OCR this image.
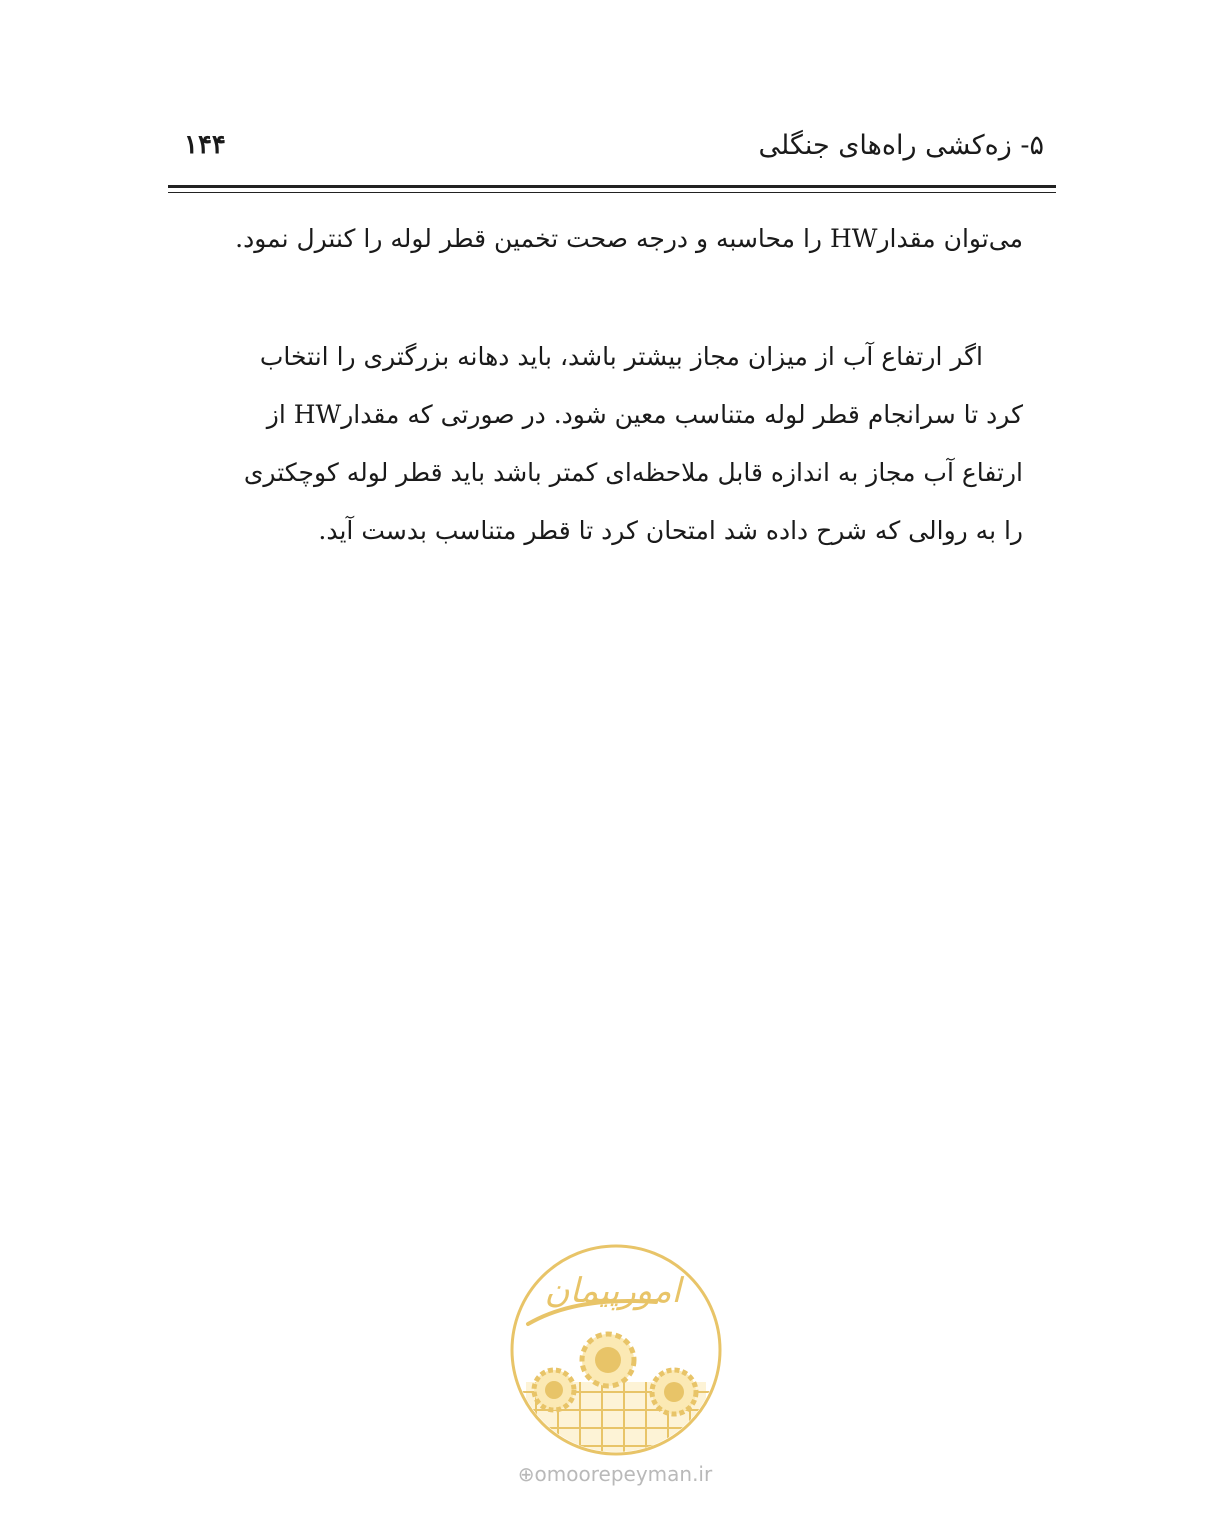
۵- زه‌کشی راه‌های جنگلی
۱۴۴
می‌توان مقدارHW را محاسبه و درجه صحت تخمین قطر لوله را کنترل نمود.
اگر ارتفاع آب از میزان مجاز بیشتر باشد، باید دهانه بزرگتری را انتخاب
کرد تا سرانجام قطر لوله متناسب معین شود. در صورتی که مقدارHW از
ارتفاع آب مجاز به اندازه قابل ملاحظه‌ای کمتر باشد باید قطر لوله کوچکتری
را به روالی که شرح داده شد امتحان کرد تا قطر متناسب بدست آید.
امورپیمان
⊕omoorepeyman.ir
